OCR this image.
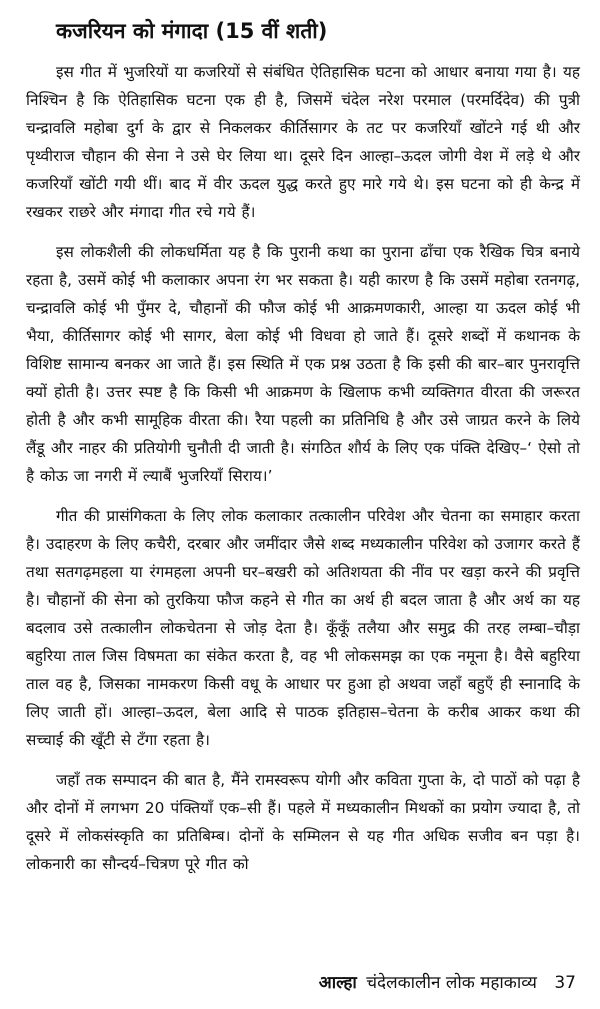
कजरियन को मंगादा (15 वीं शती)

इस गीत में भुजरियों या कजरियों से संबंधित ऐतिहासिक घटना को आधार बनाया गया है। यह निश्चिन है कि ऐतिहासिक घटना एक ही है, जिसमें चंदेल नरेश परमाल (परमर्दिदेव) की पुत्री चन्द्रावलि महोबा दुर्ग के द्वार से निकलकर कीर्तिसागर के तट पर कजरियाँ खोंटने गई थी और पृथ्वीराज चौहान की सेना ने उसे घेर लिया था। दूसरे दिन आल्हा–ऊदल जोगी वेश में लड़े थे और कजरियाँ खोंटी गयी थीं। बाद में वीर ऊदल युद्ध करते हुए मारे गये थे। इस घटना को ही केन्द्र में रखकर राछरे और मंगादा गीत रचे गये हैं।

इस लोकशैली की लोकधर्मिता यह है कि पुरानी कथा का पुराना ढाँचा एक रैखिक चित्र बनाये रहता है, उसमें कोई भी कलाकार अपना रंग भर सकता है। यही कारण है कि उसमें महोबा रतनगढ़, चन्द्रावलि कोई भी पुँमर दे, चौहानों की फौज कोई भी आक्रमणकारी, आल्हा या ऊदल कोई भी भैया, कीर्तिसागर कोई भी सागर, बेला कोई भी विधवा हो जाते हैं। दूसरे शब्दों में कथानक के विशिष्ट सामान्य बनकर आ जाते हैं। इस स्थिति में एक प्रश्न उठता है कि इसी की बार–बार पुनरावृत्ति क्यों होती है। उत्तर स्पष्ट है कि किसी भी आक्रमण के खिलाफ कभी व्यक्तिगत वीरता की जरूरत होती है और कभी सामूहिक वीरता की। रैया पहली का प्रतिनिधि है और उसे जाग्रत करने के लिये लैंडू और नाहर की प्रतियोगी चुनौती दी जाती है। संगठित शौर्य के लिए एक पंक्ति देखिए–‘ ऐसो तो है कोऊ जा नगरी में ल्याबैं भुजरियाँ सिराय।’

गीत की प्रासंगिकता के लिए लोक कलाकार तत्कालीन परिवेश और चेतना का समाहार करता है। उदाहरण के लिए कचैरी, दरबार और जमींदार जैसे शब्द मध्यकालीन परिवेश को उजागर करते हैं तथा सतगढ़महला या रंगमहला अपनी घर–बखरी को अतिशयता की नींव पर खड़ा करने की प्रवृत्ति है। चौहानों की सेना को तुरकिया फौज कहने से गीत का अर्थ ही बदल जाता है और अर्थ का यह बदलाव उसे तत्कालीन लोकचेतना से जोड़ देता है। कूँकूँ तलैया और समुद्र की तरह लम्बा–चौड़ा बहुरिया ताल जिस विषमता का संकेत करता है, वह भी लोकसमझ का एक नमूना है। वैसे बहुरिया ताल वह है, जिसका नामकरण किसी वधू के आधार पर हुआ हो अथवा जहाँ बहुएँ ही स्नानादि के लिए जाती हों। आल्हा–ऊदल, बेला आदि से पाठक इतिहास–चेतना के करीब आकर कथा की सच्चाई की खूँटी से टँगा रहता है।

जहाँ तक सम्पादन की बात है, मैंने रामस्वरूप योगी और कविता गुप्ता के, दो पाठों को पढ़ा है और दोनों में लगभग 20 पंक्तियाँ एक–सी हैं। पहले में मध्यकालीन मिथकों का प्रयोग ज्यादा है, तो दूसरे में लोकसंस्कृति का प्रतिबिम्ब। दोनों के सम्मिलन से यह गीत अधिक सजीव बन पड़ा है। लोकनारी का सौन्दर्य–चित्रण पूरे गीत को

आल्हा चंदेलकालीन लोक महाकाव्य 37
